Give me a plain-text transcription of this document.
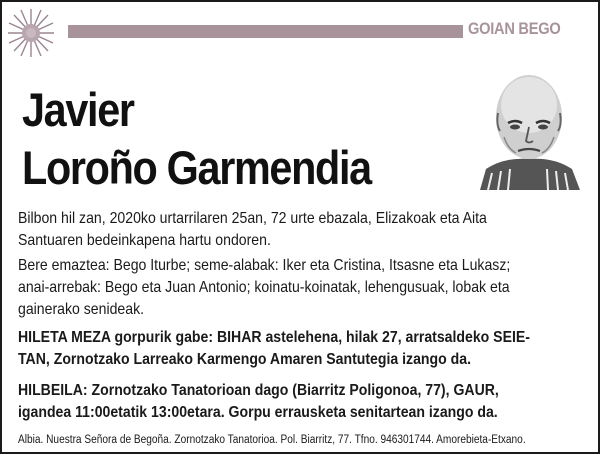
GOIAN BEGO
Javier
Loroño Garmendia
Bilbon hil zan, 2020ko urtarrilaren 25an, 72 urte ebazala, Elizakoak eta Aita
Santuaren bedeinkapena hartu ondoren.
Bere emaztea: Bego Iturbe; seme-alabak: Iker eta Cristina, Itsasne eta Lukasz;
anai-arrebak: Bego eta Juan Antonio; koinatu-koinatak, lehengusuak, lobak eta
gainerako senideak.
HILETA MEZA gorpurik gabe: BIHAR astelehena, hilak 27, arratsaldeko SEIE-
TAN, Zornotzako Larreako Karmengo Amaren Santutegia izango da.
HILBEILA: Zornotzako Tanatorioan dago (Biarritz Poligonoa, 77), GAUR,
igandea 11:00etatik 13:00etara. Gorpu errausketa senitartean izango da.
Albia. Nuestra Señora de Begoña. Zornotzako Tanatorioa. Pol. Biarritz, 77. Tfno. 946301744. Amorebieta-Etxano.
